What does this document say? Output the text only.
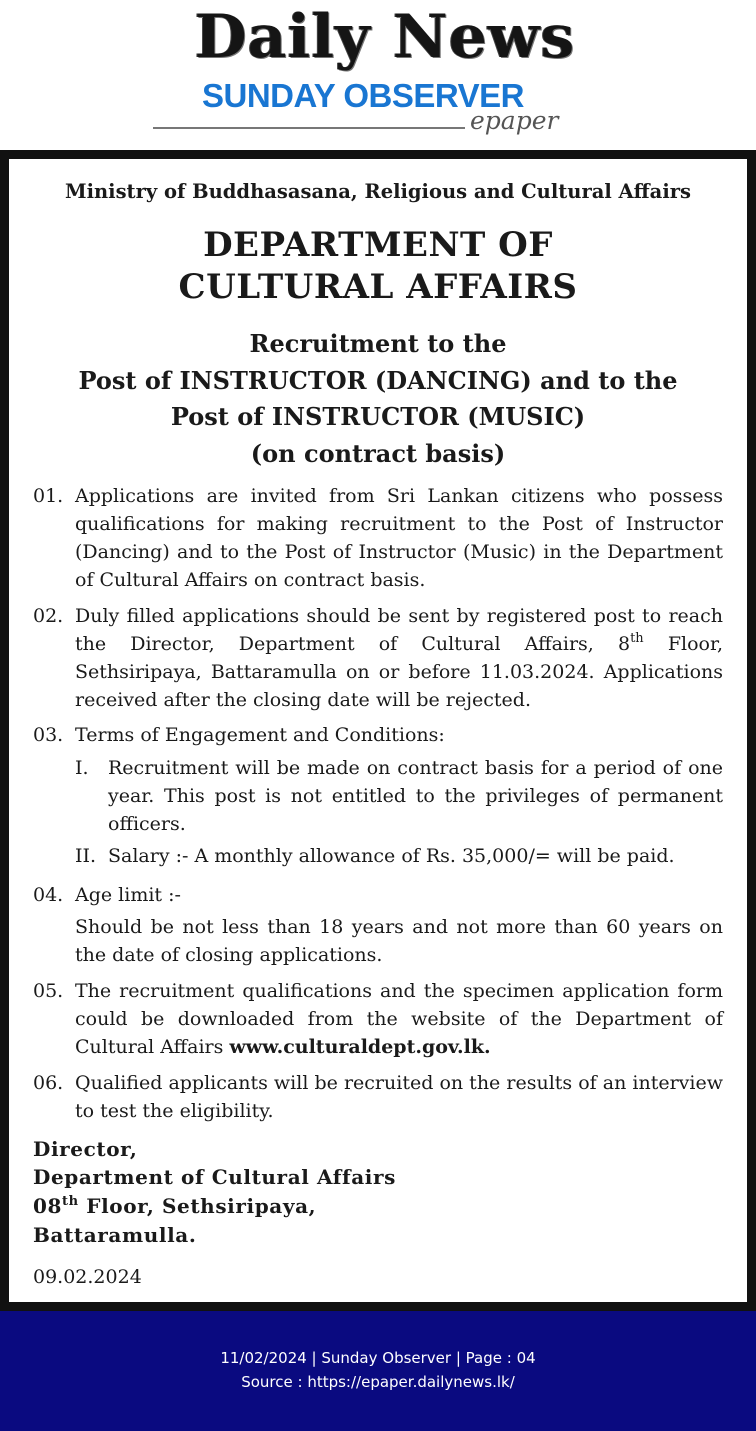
Daily News
SUNDAY OBSERVER
epaper
Ministry of Buddhasasana, Religious and Cultural Affairs
DEPARTMENT OF
CULTURAL AFFAIRS
Recruitment to the
Post of INSTRUCTOR (DANCING) and to the
Post of INSTRUCTOR (MUSIC)
(on contract basis)
01. Applications are invited from Sri Lankan citizens who possess qualifications for making recruitment to the Post of Instructor (Dancing) and to the Post of Instructor (Music) in the Department of Cultural Affairs on contract basis.
02. Duly filled applications should be sent by registered post to reach the Director, Department of Cultural Affairs, 8th Floor, Sethsiripaya, Battaramulla on or before 11.03.2024. Applications received after the closing date will be rejected.
03. Terms of Engagement and Conditions:
I. Recruitment will be made on contract basis for a period of one year. This post is not entitled to the privileges of permanent officers.
II. Salary :- A monthly allowance of Rs. 35,000/= will be paid.
04. Age limit :-
Should be not less than 18 years and not more than 60 years on the date of closing applications.
05. The recruitment qualifications and the specimen application form could be downloaded from the website of the Department of Cultural Affairs www.culturaldept.gov.lk.
06. Qualified applicants will be recruited on the results of an interview to test the eligibility.
Director,
Department of Cultural Affairs
08th Floor, Sethsiripaya,
Battaramulla.
09.02.2024
11/02/2024 | Sunday Observer | Page : 04
Source : https://epaper.dailynews.lk/
